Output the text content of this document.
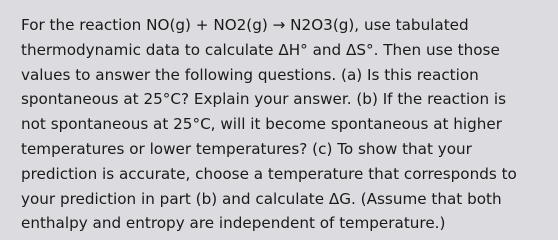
For the reaction NO(g) + NO2(g) → N2O3(g), use tabulated
thermodynamic data to calculate ΔH° and ΔS°. Then use those
values to answer the following questions. (a) Is this reaction
spontaneous at 25°C? Explain your answer. (b) If the reaction is
not spontaneous at 25°C, will it become spontaneous at higher
temperatures or lower temperatures? (c) To show that your
prediction is accurate, choose a temperature that corresponds to
your prediction in part (b) and calculate ΔG. (Assume that both
enthalpy and entropy are independent of temperature.)
